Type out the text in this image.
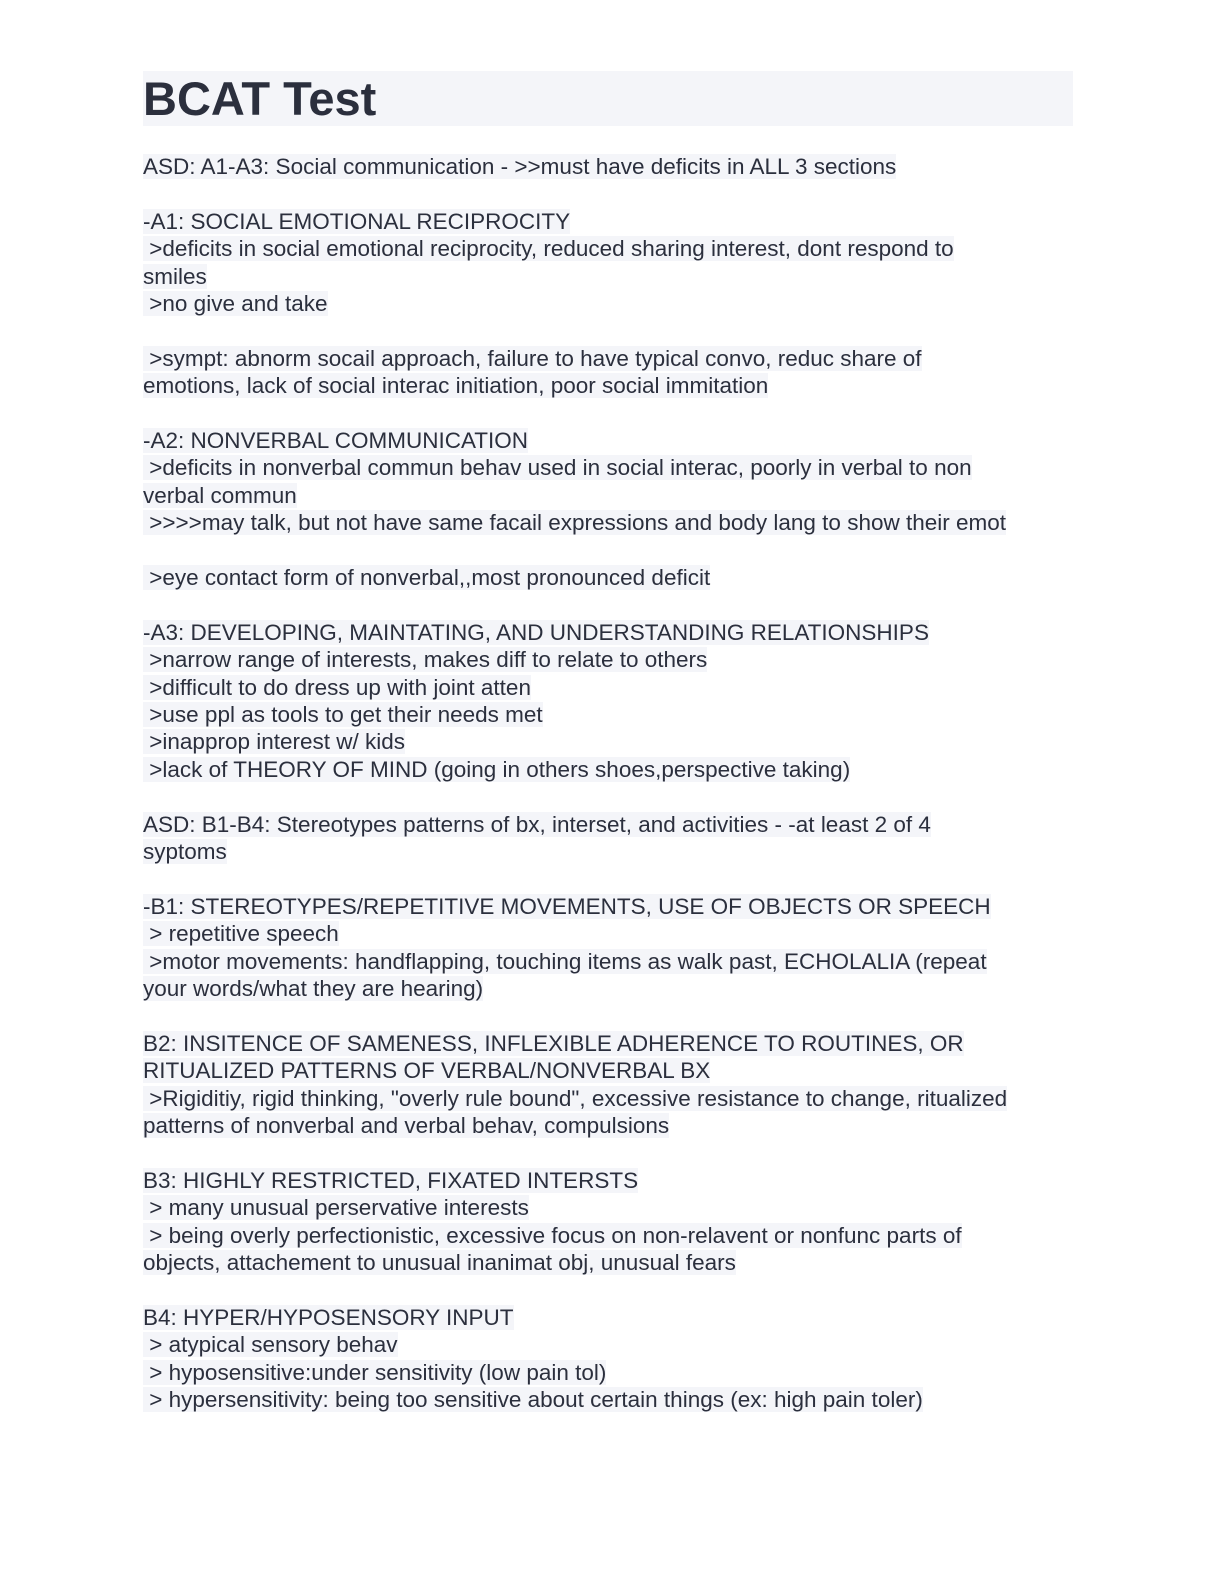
BCAT Test
ASD: A1-A3: Social communication - >>must have deficits in ALL 3 sections
-A1: SOCIAL EMOTIONAL RECIPROCITY
>deficits in social emotional reciprocity, reduced sharing interest, dont respond to
smiles
>no give and take
>sympt: abnorm socail approach, failure to have typical convo, reduc share of
emotions, lack of social interac initiation, poor social immitation
-A2: NONVERBAL COMMUNICATION
>deficits in nonverbal commun behav used in social interac, poorly in verbal to non
verbal commun
>>>>may talk, but not have same facail expressions and body lang to show their emot
>eye contact form of nonverbal,,most pronounced deficit
-A3: DEVELOPING, MAINTATING, AND UNDERSTANDING RELATIONSHIPS
>narrow range of interests, makes diff to relate to others
>difficult to do dress up with joint atten
>use ppl as tools to get their needs met
>inapprop interest w/ kids
>lack of THEORY OF MIND (going in others shoes,perspective taking)
ASD: B1-B4: Stereotypes patterns of bx, interset, and activities - -at least 2 of 4
syptoms
-B1: STEREOTYPES/REPETITIVE MOVEMENTS, USE OF OBJECTS OR SPEECH
> repetitive speech
>motor movements: handflapping, touching items as walk past, ECHOLALIA (repeat
your words/what they are hearing)
B2: INSITENCE OF SAMENESS, INFLEXIBLE ADHERENCE TO ROUTINES, OR
RITUALIZED PATTERNS OF VERBAL/NONVERBAL BX
>Rigiditiy, rigid thinking, "overly rule bound", excessive resistance to change, ritualized
patterns of nonverbal and verbal behav, compulsions
B3: HIGHLY RESTRICTED, FIXATED INTERSTS
> many unusual perservative interests
> being overly perfectionistic, excessive focus on non-relavent or nonfunc parts of
objects, attachement to unusual inanimat obj, unusual fears
B4: HYPER/HYPOSENSORY INPUT
> atypical sensory behav
> hyposensitive:under sensitivity (low pain tol)
> hypersensitivity: being too sensitive about certain things (ex: high pain toler)
